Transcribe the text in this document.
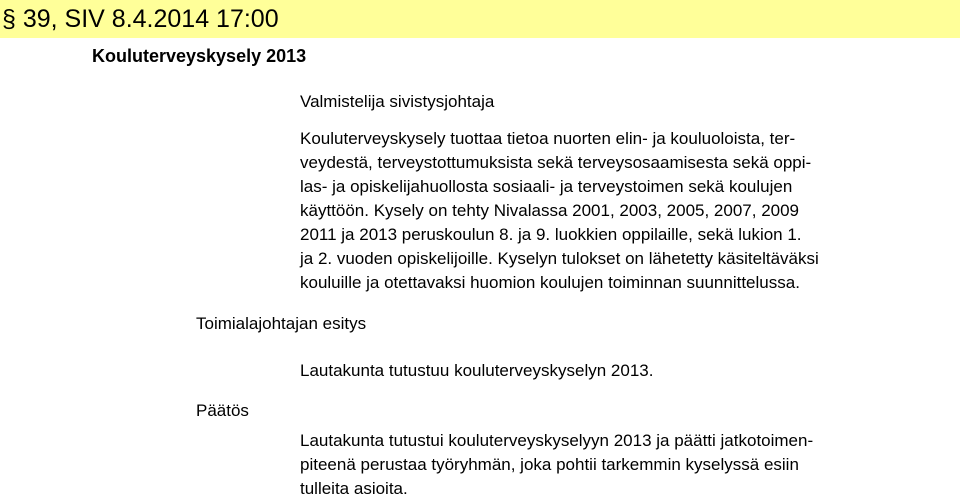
§ 39, SIV 8.4.2014 17:00
Kouluterveyskysely 2013
Valmistelija sivistysjohtaja

Kouluterveyskysely tuottaa tietoa nuorten elin- ja kouluoloista, ter-
veydestä, terveystottumuksista sekä terveysosaamisesta sekä oppi-
las- ja opiskelijahuollosta sosiaali- ja terveystoimen sekä koulujen
käyttöön. Kysely on tehty Nivalassa 2001, 2003, 2005, 2007, 2009
2011 ja 2013 peruskoulun 8. ja 9. luokkien oppilaille, sekä lukion 1.
ja 2. vuoden opiskelijoille. Kyselyn tulokset on lähetetty käsiteltäväksi
kouluille ja otettavaksi huomion koulujen toiminnan suunnittelussa.

Toimialajohtajan esitys

Lautakunta tutustuu kouluterveyskyselyn 2013.

Päätös

Lautakunta tutustui kouluterveyskyselyyn 2013 ja päätti jatkotoimen-
piteenä perustaa työryhmän, joka pohtii tarkemmin kyselyssä esiin
tulleita asioita.
